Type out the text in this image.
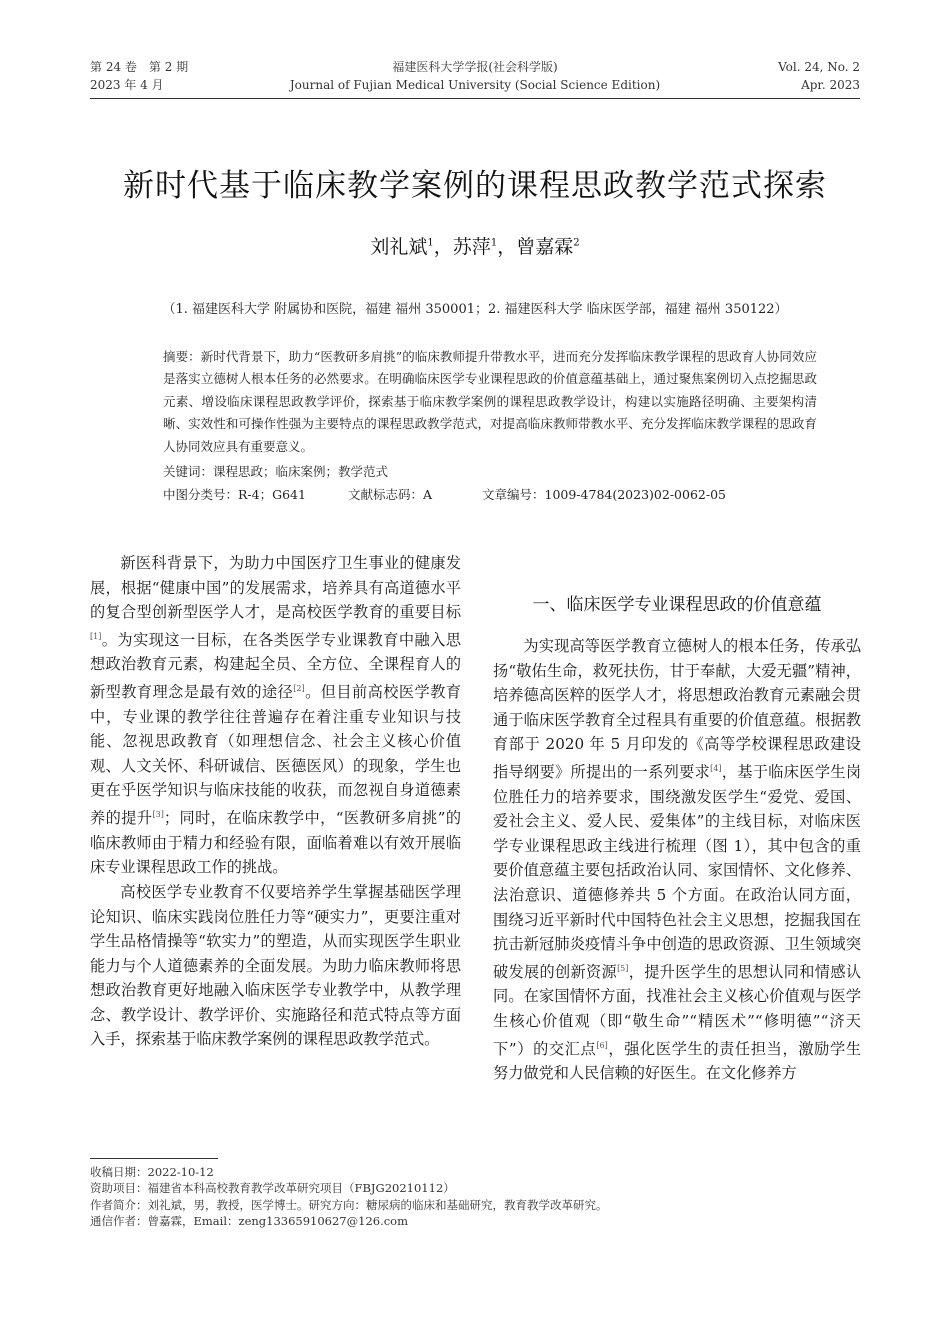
第 24 卷　第 2 期
2023 年 4 月
福建医科大学学报(社会科学版)
Journal of Fujian Medical University (Social Science Edition)
Vol. 24, No. 2
Apr. 2023
新时代基于临床教学案例的课程思政教学范式探索
刘礼斌$^1$，苏萍$^1$，曾嘉霖$^2$
（1. 福建医科大学 附属协和医院，福建 福州 350001；2. 福建医科大学 临床医学部，福建 福州 350122）
摘要：新时代背景下，助力“医教研多肩挑”的临床教师提升带教水平，进而充分发挥临床教学课程的思政育人协同效应是落实立德树人根本任务的必然要求。在明确临床医学专业课程思政的价值意蕴基础上，通过聚焦案例切入点挖掘思政元素、增设临床课程思政教学评价，探索基于临床教学案例的课程思政教学设计，构建以实施路径明确、主要架构清晰、实效性和可操作性强为主要特点的课程思政教学范式，对提高临床教师带教水平、充分发挥临床教学课程的思政育人协同效应具有重要意义。
关键词：课程思政；临床案例；教学范式
中图分类号：R-4；G641	文献标志码：A	文章编号：1009-4784(2023)02-0062-05

新医科背景下，为助力中国医疗卫生事业的健康发展，根据“健康中国”的发展需求，培养具有高道德水平的复合型创新型医学人才，是高校医学教育的重要目标[1]。为实现这一目标，在各类医学专业课教育中融入思想政治教育元素，构建起全员、全方位、全课程育人的新型教育理念是最有效的途径[2]。但目前高校医学教育中，专业课的教学往往普遍存在着注重专业知识与技能、忽视思政教育（如理想信念、社会主义核心价值观、人文关怀、科研诚信、医德医风）的现象，学生也更在乎医学知识与临床技能的收获，而忽视自身道德素养的提升[3]；同时，在临床教学中，“医教研多肩挑”的临床教师由于精力和经验有限，面临着难以有效开展临床专业课程思政工作的挑战。

高校医学专业教育不仅要培养学生掌握基础医学理论知识、临床实践岗位胜任力等“硬实力”，更要注重对学生品格情操等“软实力”的塑造，从而实现医学生职业能力与个人道德素养的全面发展。为助力临床教师将思想政治教育更好地融入临床医学专业教学中，从教学理念、教学设计、教学评价、实施路径和范式特点等方面入手，探索基于临床教学案例的课程思政教学范式。

一、临床医学专业课程思政的价值意蕴

为实现高等医学教育立德树人的根本任务，传承弘扬“敬佑生命，救死扶伤，甘于奉献，大爱无疆”精神，培养德高医粹的医学人才，将思想政治教育元素融会贯通于临床医学教育全过程具有重要的价值意蕴。根据教育部于 2020 年 5 月印发的《高等学校课程思政建设指导纲要》所提出的一系列要求[4]，基于临床医学生岗位胜任力的培养要求，围绕激发医学生“爱党、爱国、爱社会主义、爱人民、爱集体”的主线目标，对临床医学专业课程思政主线进行梳理（图 1），其中包含的重要价值意蕴主要包括政治认同、家国情怀、文化修养、法治意识、道德修养共 5 个方面。在政治认同方面，围绕习近平新时代中国特色社会主义思想，挖掘我国在抗击新冠肺炎疫情斗争中创造的思政资源、卫生领域突破发展的创新资源[5]，提升医学生的思想认同和情感认同。在家国情怀方面，找准社会主义核心价值观与医学生核心价值观（即“敬生命”“精医术”“修明德”“济天下”）的交汇点[6]，强化医学生的责任担当，激励学生努力做党和人民信赖的好医生。在文化修养方

收稿日期：2022-10-12
资助项目：福建省本科高校教育教学改革研究项目（FBJG20210112）
作者简介：刘礼斌，男，教授，医学博士。研究方向：糖尿病的临床和基础研究，教育教学改革研究。
通信作者：曾嘉霖，Email：zeng13365910627@126.com
